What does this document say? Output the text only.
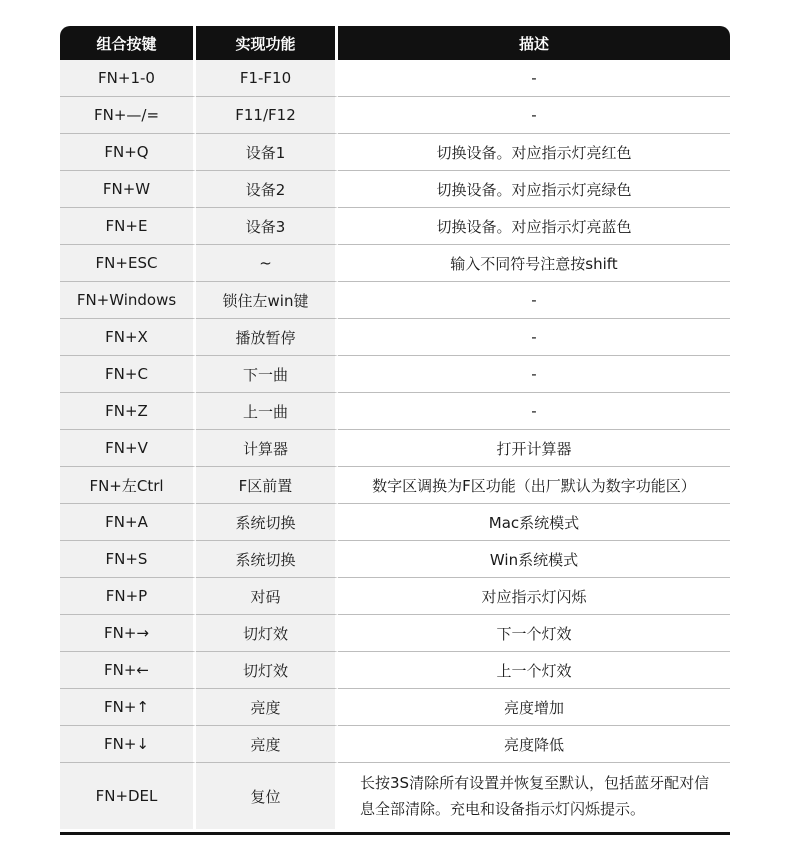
组合按键	实现功能	描述
FN+1-0	F1-F10	-
FN+—/=	F11/F12	-
FN+Q	设备1	切换设备。对应指示灯亮红色
FN+W	设备2	切换设备。对应指示灯亮绿色
FN+E	设备3	切换设备。对应指示灯亮蓝色
FN+ESC	~	输入不同符号注意按shift
FN+Windows	锁住左win键	-
FN+X	播放暂停	-
FN+C	下一曲	-
FN+Z	上一曲	-
FN+V	计算器	打开计算器
FN+左Ctrl	F区前置	数字区调换为F区功能（出厂默认为数字功能区）
FN+A	系统切换	Mac系统模式
FN+S	系统切换	Win系统模式
FN+P	对码	对应指示灯闪烁
FN+→	切灯效	下一个灯效
FN+←	切灯效	上一个灯效
FN+↑	亮度	亮度增加
FN+↓	亮度	亮度降低
FN+DEL	复位	长按3S清除所有设置并恢复至默认，包括蓝牙配对信息全部清除。充电和设备指示灯闪烁提示。
